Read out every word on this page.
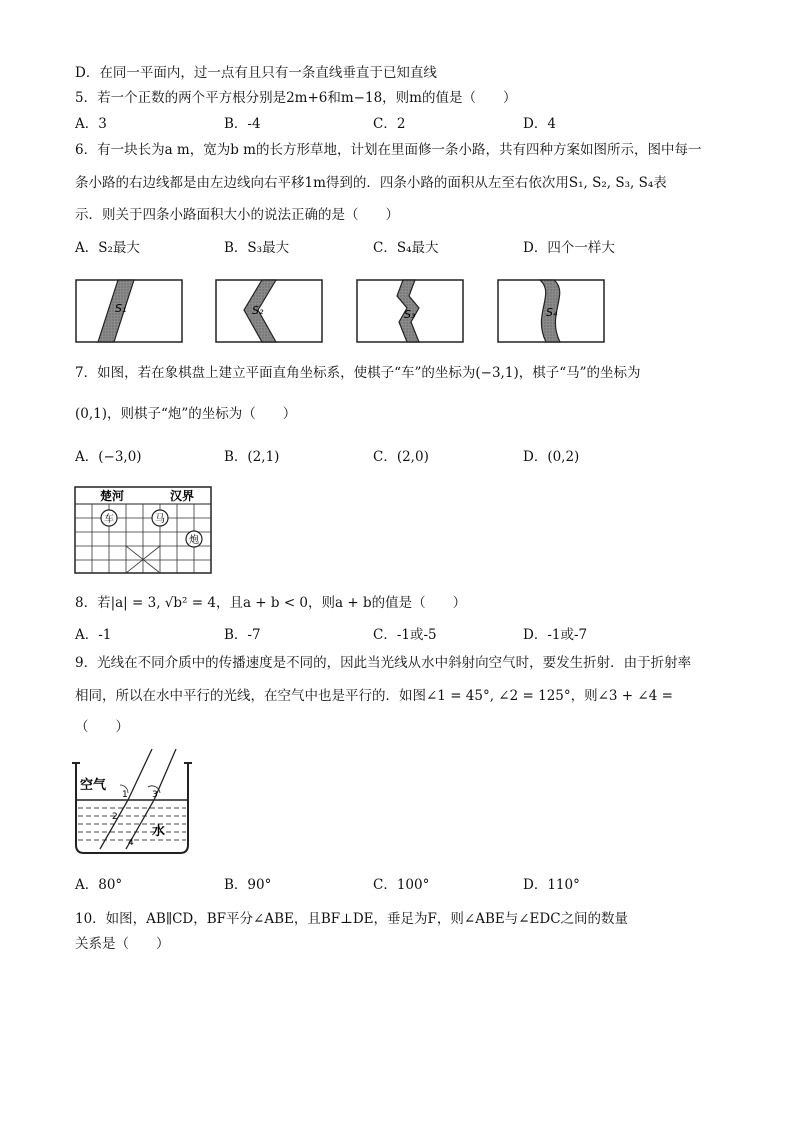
D．在同一平面内，过一点有且只有一条直线垂直于已知直线
5．若一个正数的两个平方根分别是2m+6和m−18，则m的值是（　　）
A．3	B．-4	C．2	D．4
6．有一块长为a m，宽为b m的长方形草地，计划在里面修一条小路，共有四种方案如图所示，图中每一
条小路的右边线都是由左边线向右平移1m得到的．四条小路的面积从左至右依次用S₁, S₂, S₃, S₄表
示．则关于四条小路面积大小的说法正确的是（　　）
A．S₂最大	B．S₃最大	C．S₄最大	D．四个一样大
S₁	S₂	S₃	S₄
7．如图，若在象棋盘上建立平面直角坐标系，使棋子“车”的坐标为(−3,1)，棋子“马”的坐标为
(0,1)，则棋子“炮”的坐标为（　　）
A．(−3,0)	B．(2,1)	C．(2,0)	D．(0,2)
楚河	汉界
车	马
炮
8．若|a| = 3, √b² = 4，且a + b < 0，则a + b的值是（　　）
A．-1	B．-7	C．-1或-5	D．-1或-7
9．光线在不同介质中的传播速度是不同的，因此当光线从水中斜射向空气时，要发生折射．由于折射率
相同，所以在水中平行的光线，在空气中也是平行的．如图∠1 = 45°, ∠2 = 125°，则∠3 + ∠4 =
（　　）
空气
水
1
2
3
4
A．80°	B．90°	C．100°	D．110°
10．如图，AB∥CD，BF平分∠ABE，且BF⊥DE，垂足为F，则∠ABE与∠EDC之间的数量
关系是（　　）
